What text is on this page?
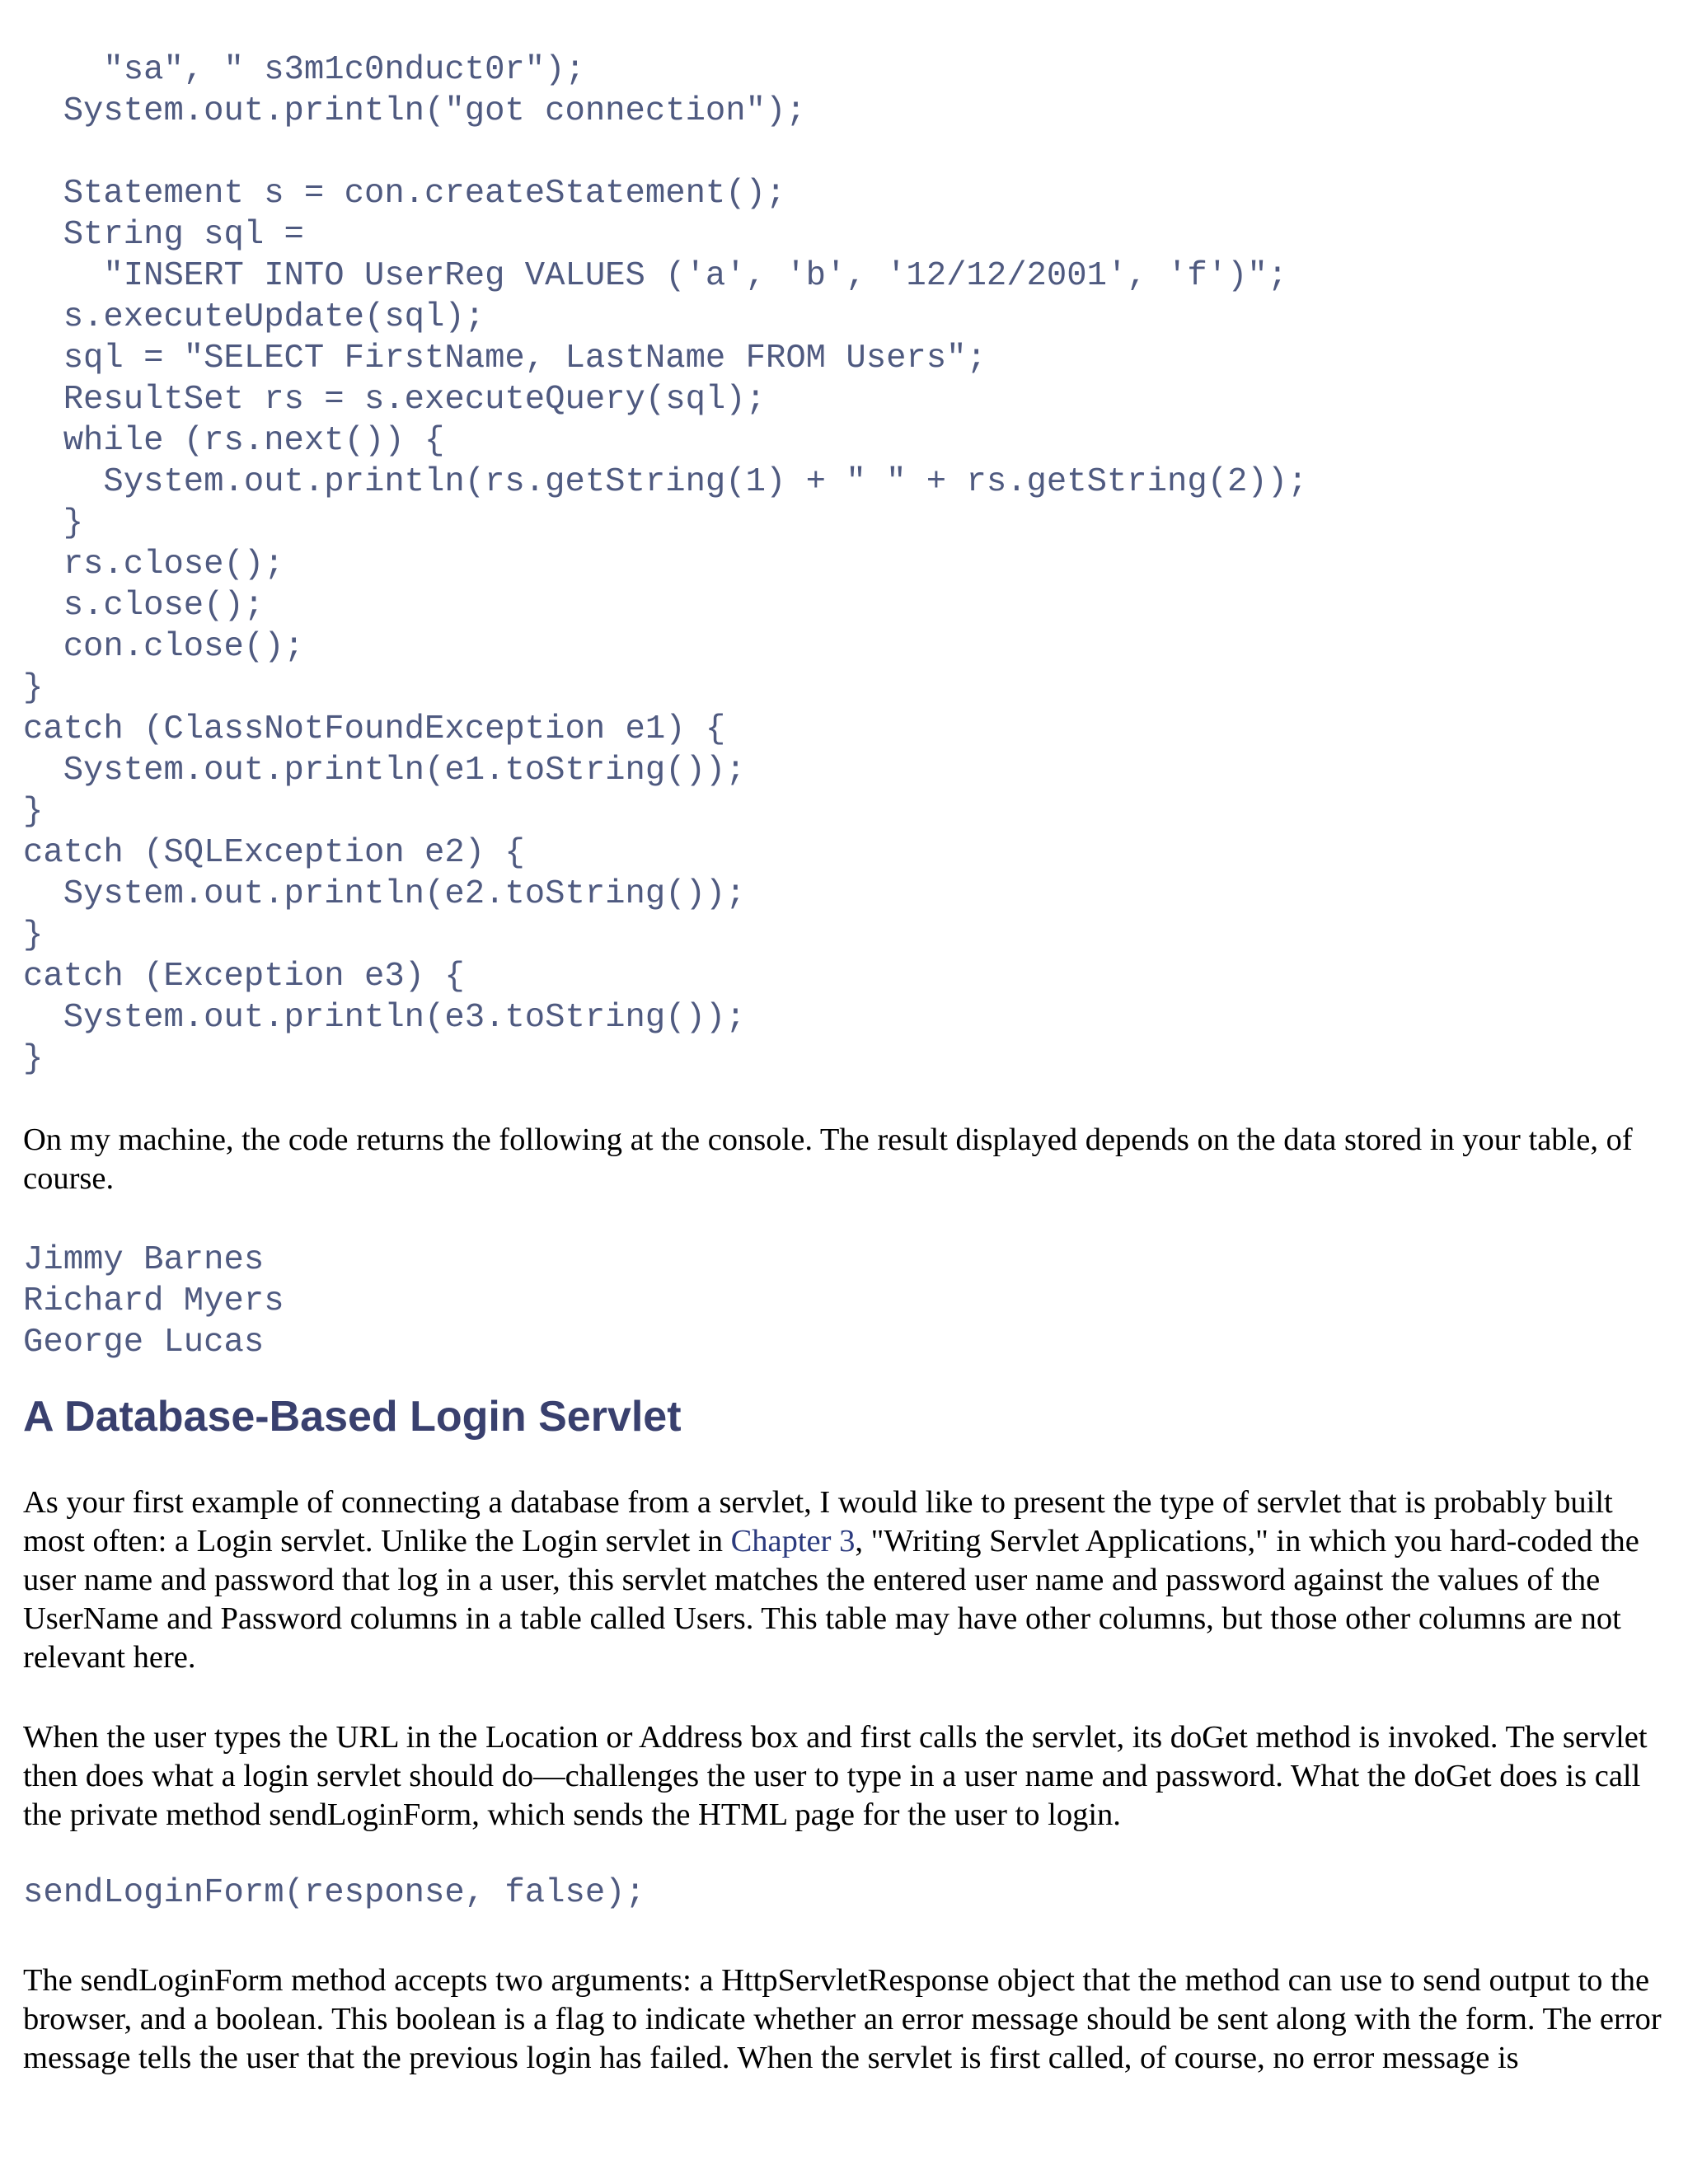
"sa", " s3m1c0nduct0r");
System.out.println("got connection");

Statement s = con.createStatement();
String sql =
"INSERT INTO UserReg VALUES ('a', 'b', '12/12/2001', 'f')";
s.executeUpdate(sql);
sql = "SELECT FirstName, LastName FROM Users";
ResultSet rs = s.executeQuery(sql);
while (rs.next()) {
System.out.println(rs.getString(1) + " " + rs.getString(2));
}
rs.close();
s.close();
con.close();
}
catch (ClassNotFoundException e1) {
System.out.println(e1.toString());
}
catch (SQLException e2) {
System.out.println(e2.toString());
}
catch (Exception e3) {
System.out.println(e3.toString());
}

On my machine, the code returns the following at the console. The result displayed depends on the data stored in your table, of course.

Jimmy Barnes
Richard Myers
George Lucas
A Database-Based Login Servlet

As your first example of connecting a database from a servlet, I would like to present the type of servlet that is probably built most often: a Login servlet. Unlike the Login servlet in Chapter 3, "Writing Servlet Applications," in which you hard-coded the user name and password that log in a user, this servlet matches the entered user name and password against the values of the UserName and Password columns in a table called Users. This table may have other columns, but those other columns are not relevant here.

When the user types the URL in the Location or Address box and first calls the servlet, its doGet method is invoked. The servlet then does what a login servlet should do—challenges the user to type in a user name and password. What the doGet does is call the private method sendLoginForm, which sends the HTML page for the user to login.

sendLoginForm(response, false);

The sendLoginForm method accepts two arguments: a HttpServletResponse object that the method can use to send output to the browser, and a boolean. This boolean is a flag to indicate whether an error message should be sent along with the form. The error message tells the user that the previous login has failed. When the servlet is first called, of course, no error message is
